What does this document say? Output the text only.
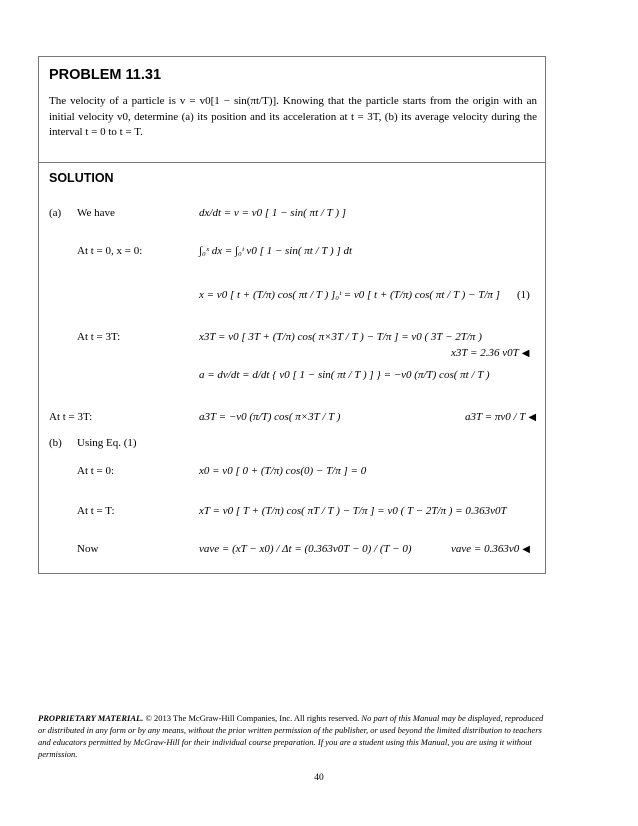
PROBLEM 11.31
The velocity of a particle is v = v0[1 − sin(πt/T)]. Knowing that the particle starts from the origin with an initial velocity v0, determine (a) its position and its acceleration at t = 3T, (b) its average velocity during the interval t = 0 to t = T.
SOLUTION
(a) We have	dx/dt = v = v0 [ 1 − sin( πt / T ) ]
At t = 0, x = 0:	∫₀ˣ dx = ∫₀ᵗ v0 [ 1 − sin( πt / T ) ] dt
x = v0 [ t + (T/π) cos( πt / T ) ]₀ᵗ = v0 [ t + (T/π) cos( πt / T ) − T/π ] (1)
At t = 3T:	x3T = v0 [ 3T + (T/π) cos( π×3T / T ) − T/π ] = v0 ( 3T − 2T/π )
x3T = 2.36 v0T ◀
a = dv/dt = d/dt { v0 [ 1 − sin( πt / T ) ] } = −v0 (π/T) cos( πt / T )
At t = 3T:	a3T = −v0 (π/T) cos( π×3T / T )	a3T = πv0 / T ◀
(b) Using Eq. (1)
At t = 0:	x0 = v0 [ 0 + (T/π) cos(0) − T/π ] = 0
At t = T:	xT = v0 [ T + (T/π) cos( πT / T ) − T/π ] = v0 ( T − 2T/π ) = 0.363v0T
Now	vave = (xT − x0) / Δt = (0.363v0T − 0) / (T − 0)	vave = 0.363v0 ◀
PROPRIETARY MATERIAL. © 2013 The McGraw-Hill Companies, Inc. All rights reserved. No part of this Manual may be displayed, reproduced or distributed in any form or by any means, without the prior written permission of the publisher, or used beyond the limited distribution to teachers and educators permitted by McGraw-Hill for their individual course preparation. If you are a student using this Manual, you are using it without permission.
40
